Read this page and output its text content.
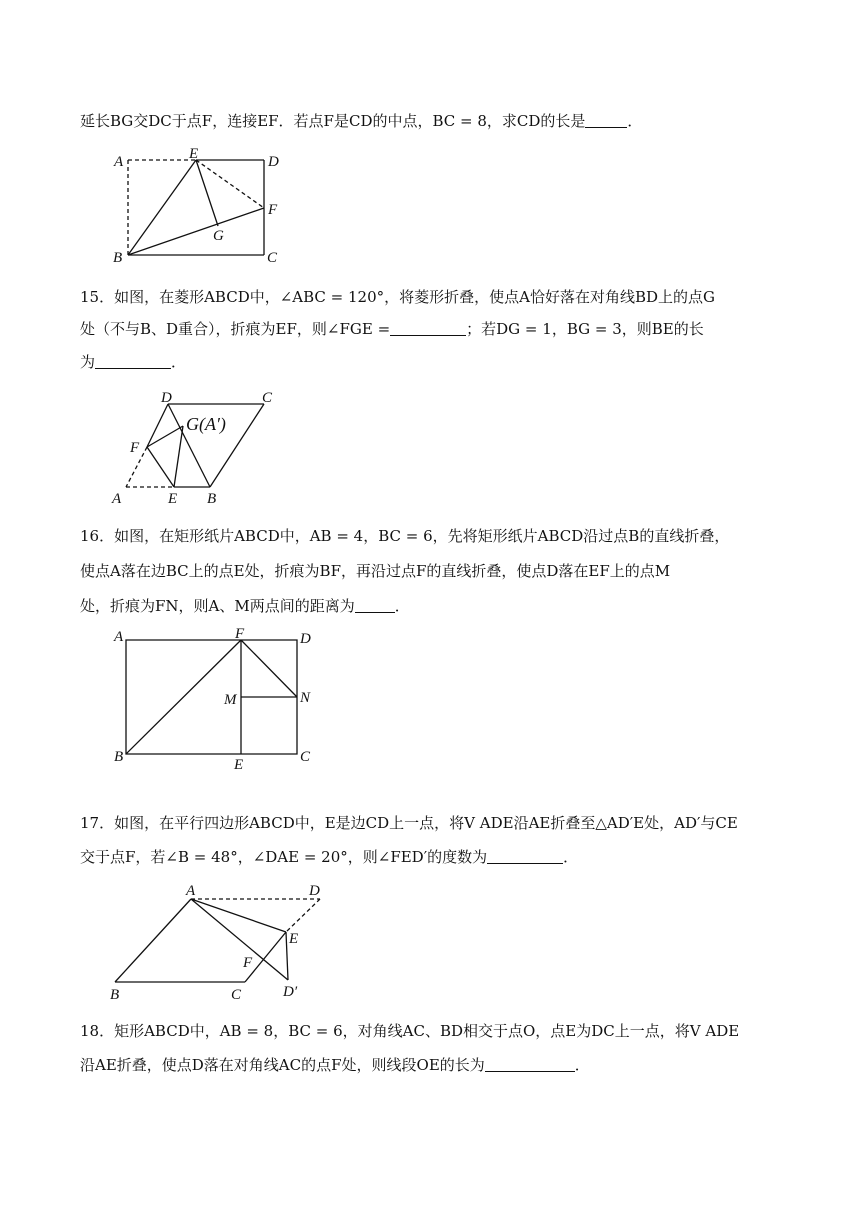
延长BG交DC于点F，连接EF．若点F是CD的中点，BC = 8，求CD的长是	．
A	E	D
F
G
B	C
15．如图，在菱形ABCD中，∠ABC = 120°，将菱形折叠，使点A恰好落在对角线BD上的点G
处（不与B、D重合），折痕为EF，则∠FGE =	；若DG = 1，BG = 3，则BE的长
为	．
D	C
G(A′)
F
A	E B
16．如图，在矩形纸片ABCD中，AB = 4，BC = 6，先将矩形纸片ABCD沿过点B的直线折叠，
使点A落在边BC上的点E处，折痕为BF，再沿过点F的直线折叠，使点D落在EF上的点M
处，折痕为FN，则A、M两点间的距离为	．
A	F	D
M	N
B	E	C
17．如图，在平行四边形ABCD中，E是边CD上一点，将V ADE沿AE折叠至△AD′E处，AD′与CE
交于点F，若∠B = 48°，∠DAE = 20°，则∠FED′的度数为	．
A	D
E
F
B	C	D′
18．矩形ABCD中，AB = 8，BC = 6，对角线AC、BD相交于点O，点E为DC上一点，将V ADE
沿AE折叠，使点D落在对角线AC的点F处，则线段OE的长为	．
